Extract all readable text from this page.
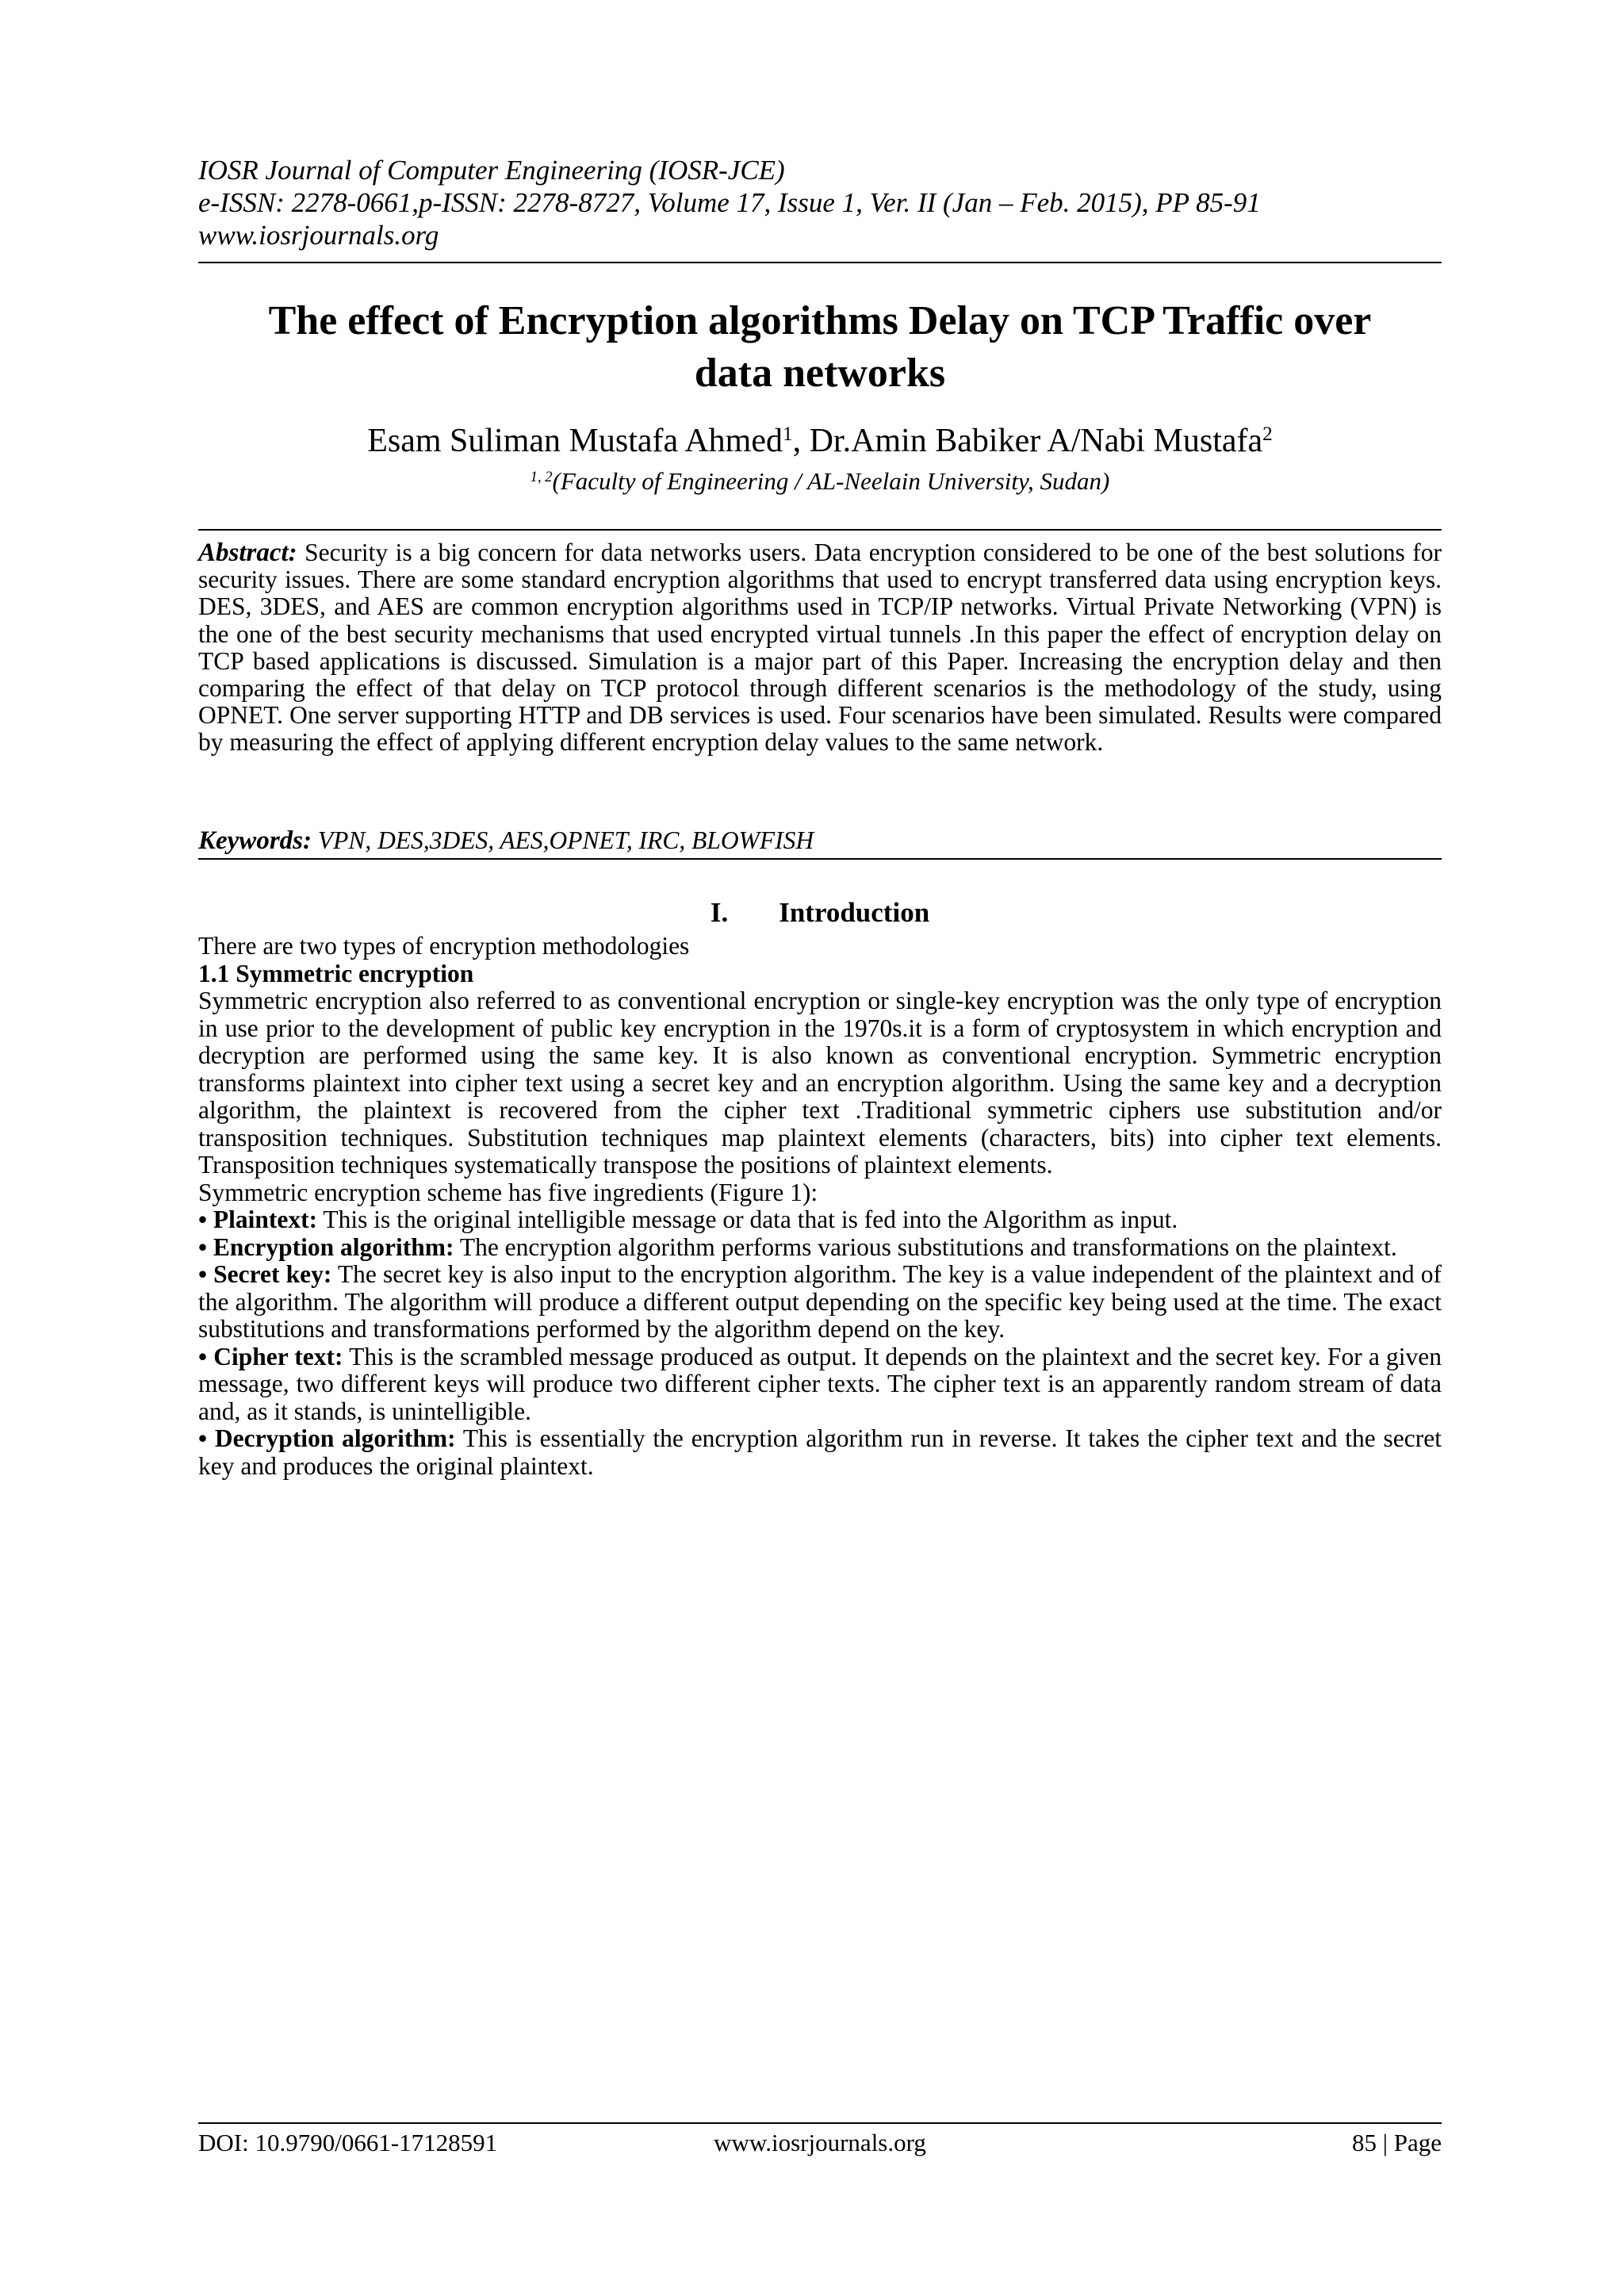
IOSR Journal of Computer Engineering (IOSR-JCE)
e-ISSN: 2278-0661,p-ISSN: 2278-8727, Volume 17, Issue 1, Ver. II (Jan – Feb. 2015), PP 85-91
www.iosrjournals.org
The effect of Encryption algorithms Delay on TCP Traffic over
data networks
Esam Suliman Mustafa Ahmed$^1$, Dr.Amin Babiker A/Nabi Mustafa$^2$
$^{1, 2}$(Faculty of Engineering / AL-Neelain University, Sudan)
Abstract: Security is a big concern for data networks users. Data encryption considered to be one of the best solutions for security issues. There are some standard encryption algorithms that used to encrypt transferred data using encryption keys. DES, 3DES, and AES are common encryption algorithms used in TCP/IP networks. Virtual Private Networking (VPN) is the one of the best security mechanisms that used encrypted virtual tunnels .In this paper the effect of encryption delay on TCP based applications is discussed. Simulation is a major part of this Paper. Increasing the encryption delay and then comparing the effect of that delay on TCP protocol through different scenarios is the methodology of the study, using OPNET. One server supporting HTTP and DB services is used. Four scenarios have been simulated. Results were compared by measuring the effect of applying different encryption delay values to the same network.
Keywords: VPN, DES,3DES, AES,OPNET, IRC, BLOWFISH
I. Introduction

There are two types of encryption methodologies

1.1 Symmetric encryption

Symmetric encryption also referred to as conventional encryption or single-key encryption was the only type of encryption in use prior to the development of public key encryption in the 1970s.it is a form of cryptosystem in which encryption and decryption are performed using the same key. It is also known as conventional encryption. Symmetric encryption transforms plaintext into cipher text using a secret key and an encryption algorithm. Using the same key and a decryption algorithm, the plaintext is recovered from the cipher text .Traditional symmetric ciphers use substitution and/or transposition techniques. Substitution techniques map plaintext elements (characters, bits) into cipher text elements. Transposition techniques systematically transpose the positions of plaintext elements.

Symmetric encryption scheme has five ingredients (Figure 1):

• Plaintext: This is the original intelligible message or data that is fed into the Algorithm as input.

• Encryption algorithm: The encryption algorithm performs various substitutions and transformations on the plaintext.

• Secret key: The secret key is also input to the encryption algorithm. The key is a value independent of the plaintext and of the algorithm. The algorithm will produce a different output depending on the specific key being used at the time. The exact substitutions and transformations performed by the algorithm depend on the key.

• Cipher text: This is the scrambled message produced as output. It depends on the plaintext and the secret key. For a given message, two different keys will produce two different cipher texts. The cipher text is an apparently random stream of data and, as it stands, is unintelligible.

• Decryption algorithm: This is essentially the encryption algorithm run in reverse. It takes the cipher text and the secret key and produces the original plaintext.

DOI: 10.9790/0661-17128591	www.iosrjournals.org	85 | Page
